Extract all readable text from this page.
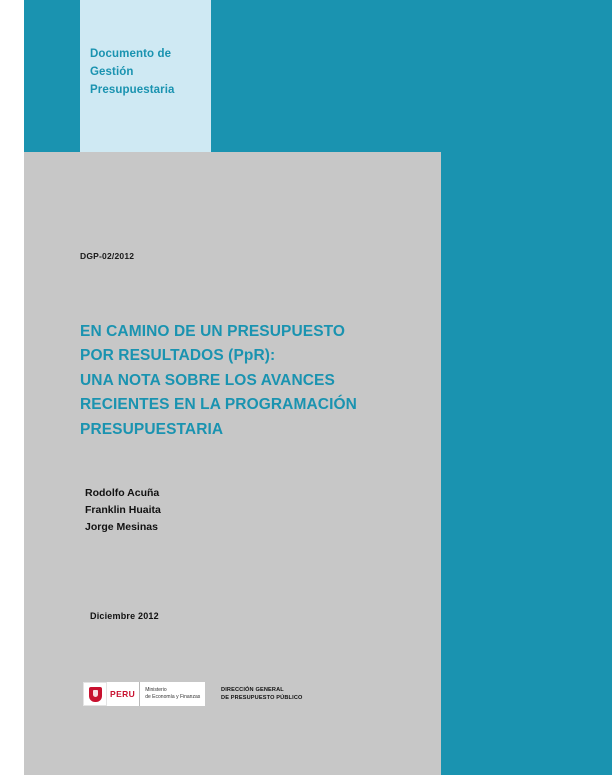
Documento de
Gestión
Presupuestaria
DGP-02/2012
EN CAMINO DE UN PRESUPUESTO
POR RESULTADOS (PpR):
UNA NOTA SOBRE LOS AVANCES
RECIENTES EN LA PROGRAMACIÓN
PRESUPUESTARIA
Rodolfo Acuña
Franklin Huaita
Jorge Mesinas
Diciembre 2012
PERU Ministerio
de Economía y Finanzas
DIRECCIÓN GENERAL
DE PRESUPUESTO PÚBLICO
